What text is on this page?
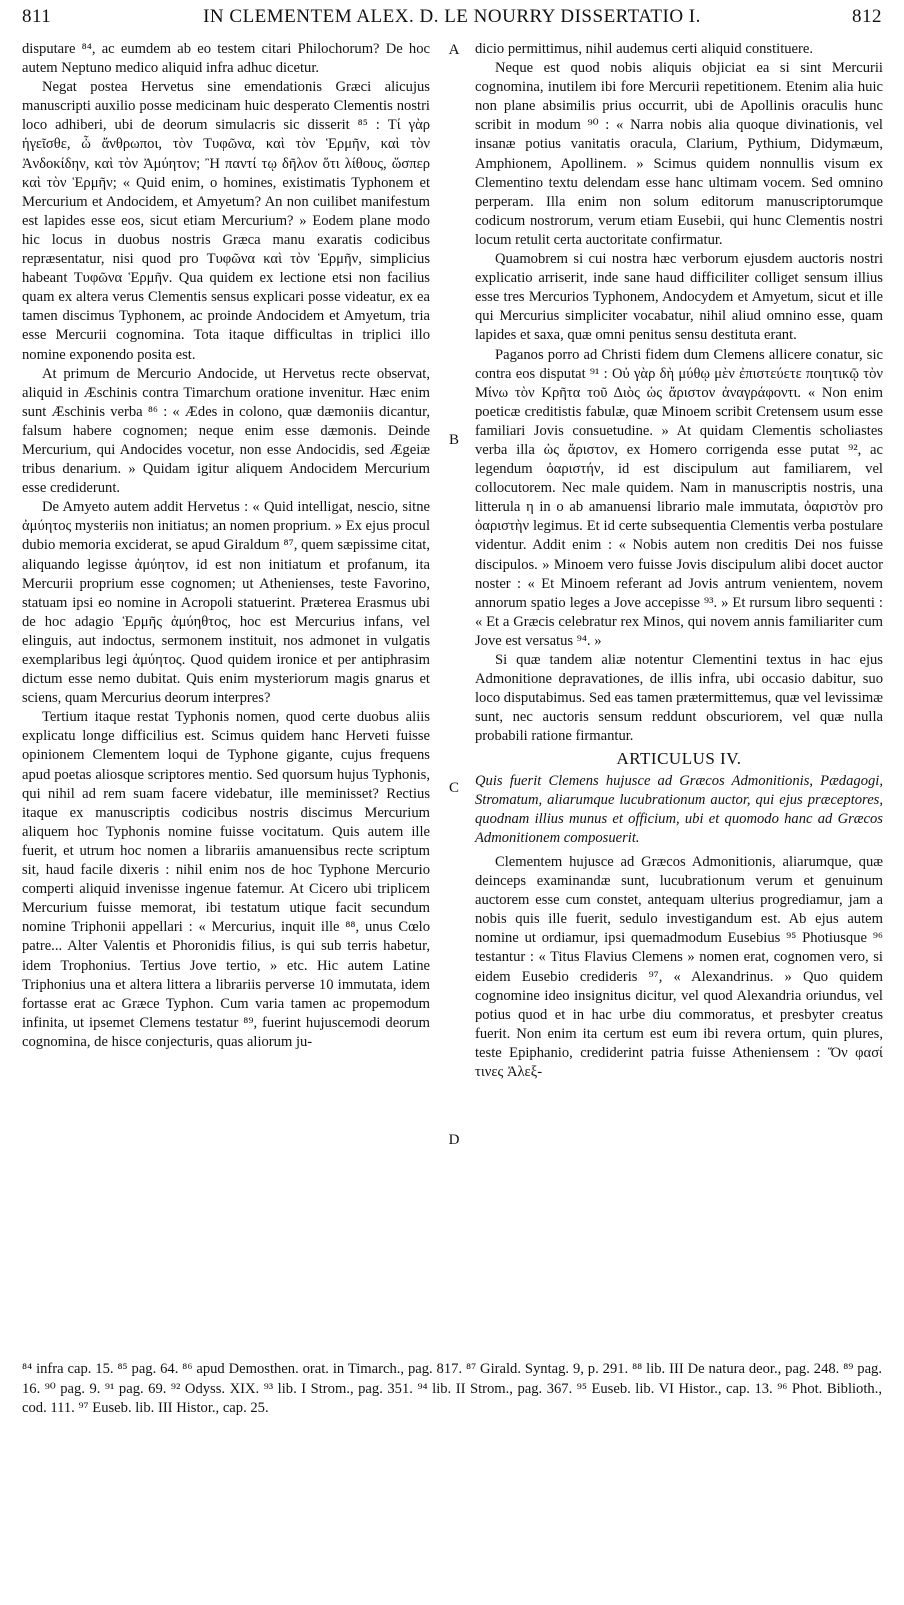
811	IN CLEMENTEM ALEX. D. LE NOURRY DISSERTATIO I.	812

disputare ⁸⁴, ac eumdem ab eo testem citari Philochorum? De hoc autem Neptuno medico aliquid infra adhuc dicetur.

Negat postea Hervetus sine emendationis Græci alicujus manuscripti auxilio posse medicinam huic desperato Clementis nostri loco adhiberi, ubi de deorum simulacris sic disserit ⁸⁵ : Τί γὰρ ἡγεῖσθε, ὦ ἄνθρωποι, τὸν Τυφῶνα, καὶ τὸν Ἑρμῆν, καὶ τὸν Ἀνδοκίδην, καὶ τὸν Ἀμύητον; Ἢ παντί τῳ δῆλον ὅτι λίθους, ὥσπερ καὶ τὸν Ἑρμῆν; « Quid enim, o homines, existimatis Typhonem et Mercurium et Andocidem, et Amyetum? An non cuilibet manifestum est lapides esse eos, sicut etiam Mercurium? » Eodem plane modo hic locus in duobus nostris Græca manu exaratis codicibus repræsentatur, nisi quod pro Τυφῶνα καὶ τὸν Ἑρμῆν, simplicius habeant Τυφῶνα Ἑρμῆν. Qua quidem ex lectione etsi non facilius quam ex altera verus Clementis sensus explicari posse videatur, ex ea tamen discimus Typhonem, ac proinde Andocidem et Amyetum, tria esse Mercurii cognomina. Tota itaque difficultas in triplici illo nomine exponendo posita est.

At primum de Mercurio Andocide, ut Hervetus recte observat, aliquid in Æschinis contra Timarchum oratione invenitur. Hæc enim sunt Æschinis verba ⁸⁶ : « Ædes in colono, quæ dæmoniis dicantur, falsum habere cognomen; neque enim esse dæmonis. Deinde Mercurium, qui Andocides vocetur, non esse Andocidis, sed Ægeiæ tribus denarium. » Quidam igitur aliquem Andocidem Mercurium esse crediderunt.

De Amyeto autem addit Hervetus : « Quid intelligat, nescio, sitne ἀμύητος mysteriis non initiatus; an nomen proprium. » Ex ejus procul dubio memoria exciderat, se apud Giraldum ⁸⁷, quem sæpissime citat, aliquando legisse ἀμύητον, id est non initiatum et profanum, ita Mercurii proprium esse cognomen; ut Athenienses, teste Favorino, statuam ipsi eo nomine in Acropoli statuerint. Præterea Erasmus ubi de hoc adagio Ἑρμῆς ἀμύηθτος, hoc est Mercurius infans, vel elinguis, aut indoctus, sermonem instituit, nos admonet in vulgatis exemplaribus legi ἀμύητος. Quod quidem ironice et per antiphrasim dictum esse nemo dubitat. Quis enim mysteriorum magis gnarus et sciens, quam Mercurius deorum interpres?

Tertium itaque restat Typhonis nomen, quod certe duobus aliis explicatu longe difficilius est. Scimus quidem hanc Herveti fuisse opinionem Clementem loqui de Typhone gigante, cujus frequens apud poetas aliosque scriptores mentio. Sed quorsum hujus Typhonis, qui nihil ad rem suam facere videbatur, ille meminisset? Rectius itaque ex manuscriptis codicibus nostris discimus Mercurium aliquem hoc Typhonis nomine fuisse vocitatum. Quis autem ille fuerit, et utrum hoc nomen a librariis amanuensibus recte scriptum sit, haud facile dixeris : nihil enim nos de hoc Typhone Mercurio comperti aliquid invenisse ingenue fatemur. At Cicero ubi triplicem Mercurium fuisse memorat, ibi testatum utique facit secundum nomine Triphonii appellari : « Mercurius, inquit ille ⁸⁸, unus Cœlo patre... Alter Valentis et Phoronidis filius, is qui sub terris habetur, idem Trophonius. Tertius Jove tertio, » etc. Hic autem Latine Triphonius una et altera littera a librariis perverse 10 immutata, idem fortasse erat ac Græce Typhon. Cum varia tamen ac propemodum infinita, ut ipsemet Clemens testatur ⁸⁹, fuerint hujuscemodi deorum cognomina, de hisce conjecturis, quas aliorum ju-

A
B
C
D

dicio permittimus, nihil audemus certi aliquid constituere.

Neque est quod nobis aliquis objiciat ea si sint Mercurii cognomina, inutilem ibi fore Mercurii repetitionem. Etenim alia huic non plane absimilis prius occurrit, ubi de Apollinis oraculis hunc scribit in modum ⁹⁰ : « Narra nobis alia quoque divinationis, vel insanæ potius vanitatis oracula, Clarium, Pythium, Didymæum, Amphionem, Apollinem. » Scimus quidem nonnullis visum ex Clementino textu delendam esse hanc ultimam vocem. Sed omnino perperam. Illa enim non solum editorum manuscriptorumque codicum nostrorum, verum etiam Eusebii, qui hunc Clementis nostri locum retulit certa auctoritate confirmatur.

Quamobrem si cui nostra hæc verborum ejusdem auctoris nostri explicatio arriserit, inde sane haud difficiliter colliget sensum illius esse tres Mercurios Typhonem, Andocydem et Amyetum, sicut et ille qui Mercurius simpliciter vocabatur, nihil aliud omnino esse, quam lapides et saxa, quæ omni penitus sensu destituta erant.

Paganos porro ad Christi fidem dum Clemens allicere conatur, sic contra eos disputat ⁹¹ : Οὐ γὰρ δὴ μύθῳ μὲν ἐπιστεύετε ποιητικῷ τὸν Μίνω τὸν Κρῆτα τοῦ Διὸς ὡς ἄριστον ἀναγράφοντι. « Non enim poeticæ creditistis fabulæ, quæ Minoem scribit Cretensem usum esse familiari Jovis consuetudine. » At quidam Clementis scholiastes verba illa ὡς ἄριστον, ex Homero corrigenda esse putat ⁹², ac legendum ὀαριστήν, id est discipulum aut familiarem, vel collocutorem. Nec male quidem. Nam in manuscriptis nostris, una litterula η in ο ab amanuensi librario male immutata, ὀαριστὸν pro ὀαριστὴν legimus. Et id certe subsequentia Clementis verba postulare videntur. Addit enim : « Nobis autem non creditis Dei nos fuisse discipulos. » Minoem vero fuisse Jovis discipulum alibi docet auctor noster : « Et Minoem referant ad Jovis antrum venientem, novem annorum spatio leges a Jove accepisse ⁹³. » Et rursum libro sequenti : « Et a Græcis celebratur rex Minos, qui novem annis familiariter cum Jove est versatus ⁹⁴. »

Si quæ tandem aliæ notentur Clementini textus in hac ejus Admonitione depravationes, de illis infra, ubi occasio dabitur, suo loco disputabimus. Sed eas tamen prætermittemus, quæ vel levissimæ sunt, nec auctoris sensum reddunt obscuriorem, vel quæ nulla probabili ratione firmantur.

ARTICULUS IV.

Quis fuerit Clemens hujusce ad Græcos Admonitionis, Pædagogi, Stromatum, aliarumque lucubrationum auctor, qui ejus præceptores, quodnam illius munus et officium, ubi et quomodo hanc ad Græcos Admonitionem composuerit.

Clementem hujusce ad Græcos Admonitionis, aliarumque, quæ deinceps examinandæ sunt, lucubrationum verum et genuinum auctorem esse cum constet, antequam ulterius progrediamur, jam a nobis quis ille fuerit, sedulo investigandum est. Ab ejus autem nomine ut ordiamur, ipsi quemadmodum Eusebius ⁹⁵ Photiusque ⁹⁶ testantur : « Titus Flavius Clemens » nomen erat, cognomen vero, si eidem Eusebio credideris ⁹⁷, « Alexandrinus. » Quo quidem cognomine ideo insignitus dicitur, vel quod Alexandria oriundus, vel potius quod et in hac urbe diu commoratus, et presbyter creatus fuerit. Non enim ita certum est eum ibi revera ortum, quin plures, teste Epiphanio, crediderint patria fuisse Atheniensem : Ὅν φασί τινες Ἀλεξ-

⁸⁴ infra cap. 15. ⁸⁵ pag. 64. ⁸⁶ apud Demosthen. orat. in Timarch., pag. 817. ⁸⁷ Girald. Syntag. 9, p. 291. ⁸⁸ lib. III De natura deor., pag. 248. ⁸⁹ pag. 16. ⁹⁰ pag. 9. ⁹¹ pag. 69. ⁹² Odyss. XIX. ⁹³ lib. I Strom., pag. 351. ⁹⁴ lib. II Strom., pag. 367. ⁹⁵ Euseb. lib. VI Histor., cap. 13. ⁹⁶ Phot. Biblioth., cod. 111. ⁹⁷ Euseb. lib. III Histor., cap. 25.
